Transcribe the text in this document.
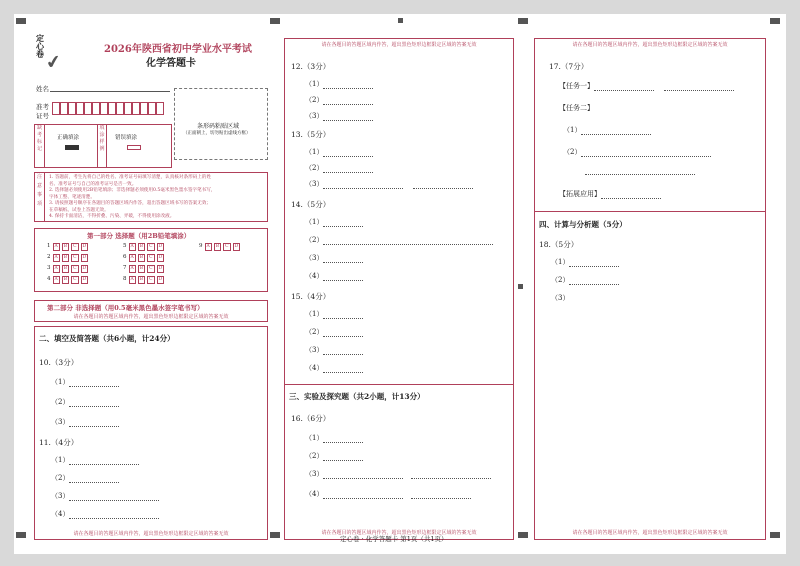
定心卷 ✔
2026年陕西省初中学业水平考试
化学答题卡
姓名
准考
证号
条形码粘贴区域
（正面朝上，切勿贴出虚线方框）
缺考标记
正确填涂
填涂样例
错误填涂
注意事项
1. 答题前，考生先将自己的姓名、准考证号码填写清楚，认真核对条形码上的姓
名、准考证号与自己的准考证号是否一致。
2. 选择题必须使用2B铅笔填涂；非选择题必须使用0.5毫米黑色墨水签字笔书写，
字体工整、笔迹清楚。
3. 请按照题号顺序在各题目的答题区域内作答，超出答题区域书写的答案无效；
在草稿纸、试卷上答题无效。
4. 保持卡面清洁，不得折叠、污染、弄破，不得使用涂改液。
第一部分 选择题（用2B铅笔填涂）
1 A B C D
2 A B C D
3 A B C D
4 A B C D
5 A B C D
6 A B C D
7 A B C D
8 A B C D
9 A B C D
第二部分 非选择题（用0.5毫米黑色墨水签字笔书写）
请在各题目的答题区域内作答，超出黑色矩形边框限定区域的答案无效
二、填空及简答题（共6小题，计24分）
10.（3分）
（1）
（2）
（3）
11.（4分）
（1）
（2）
（3）
（4）
请在各题目的答题区域内作答，超出黑色矩形边框限定区域的答案无效
请在各题目的答题区域内作答，超出黑色矩形边框限定区域的答案无效
12.（3分）
（1）
（2）
（3）
13.（5分）
（1）
（2）
（3）
14.（5分）
（1）
（2）
（3）
（4）
15.（4分）
（1）
（2）
（3）
（4）
三、实验及探究题（共2小题，计13分）
16.（6分）
（1）
（2）
（3）
（4）
请在各题目的答题区域内作答，超出黑色矩形边框限定区域的答案无效
请在各题目的答题区域内作答，超出黑色矩形边框限定区域的答案无效
17.（7分）
【任务一】
【任务二】
（1）
（2）
【拓展应用】
四、计算与分析题（5分）
18.（5分）
（1）
（2）
（3）
请在各题目的答题区域内作答，超出黑色矩形边框限定区域的答案无效
定心卷 · 化学答题卡 第1页（共1页）
